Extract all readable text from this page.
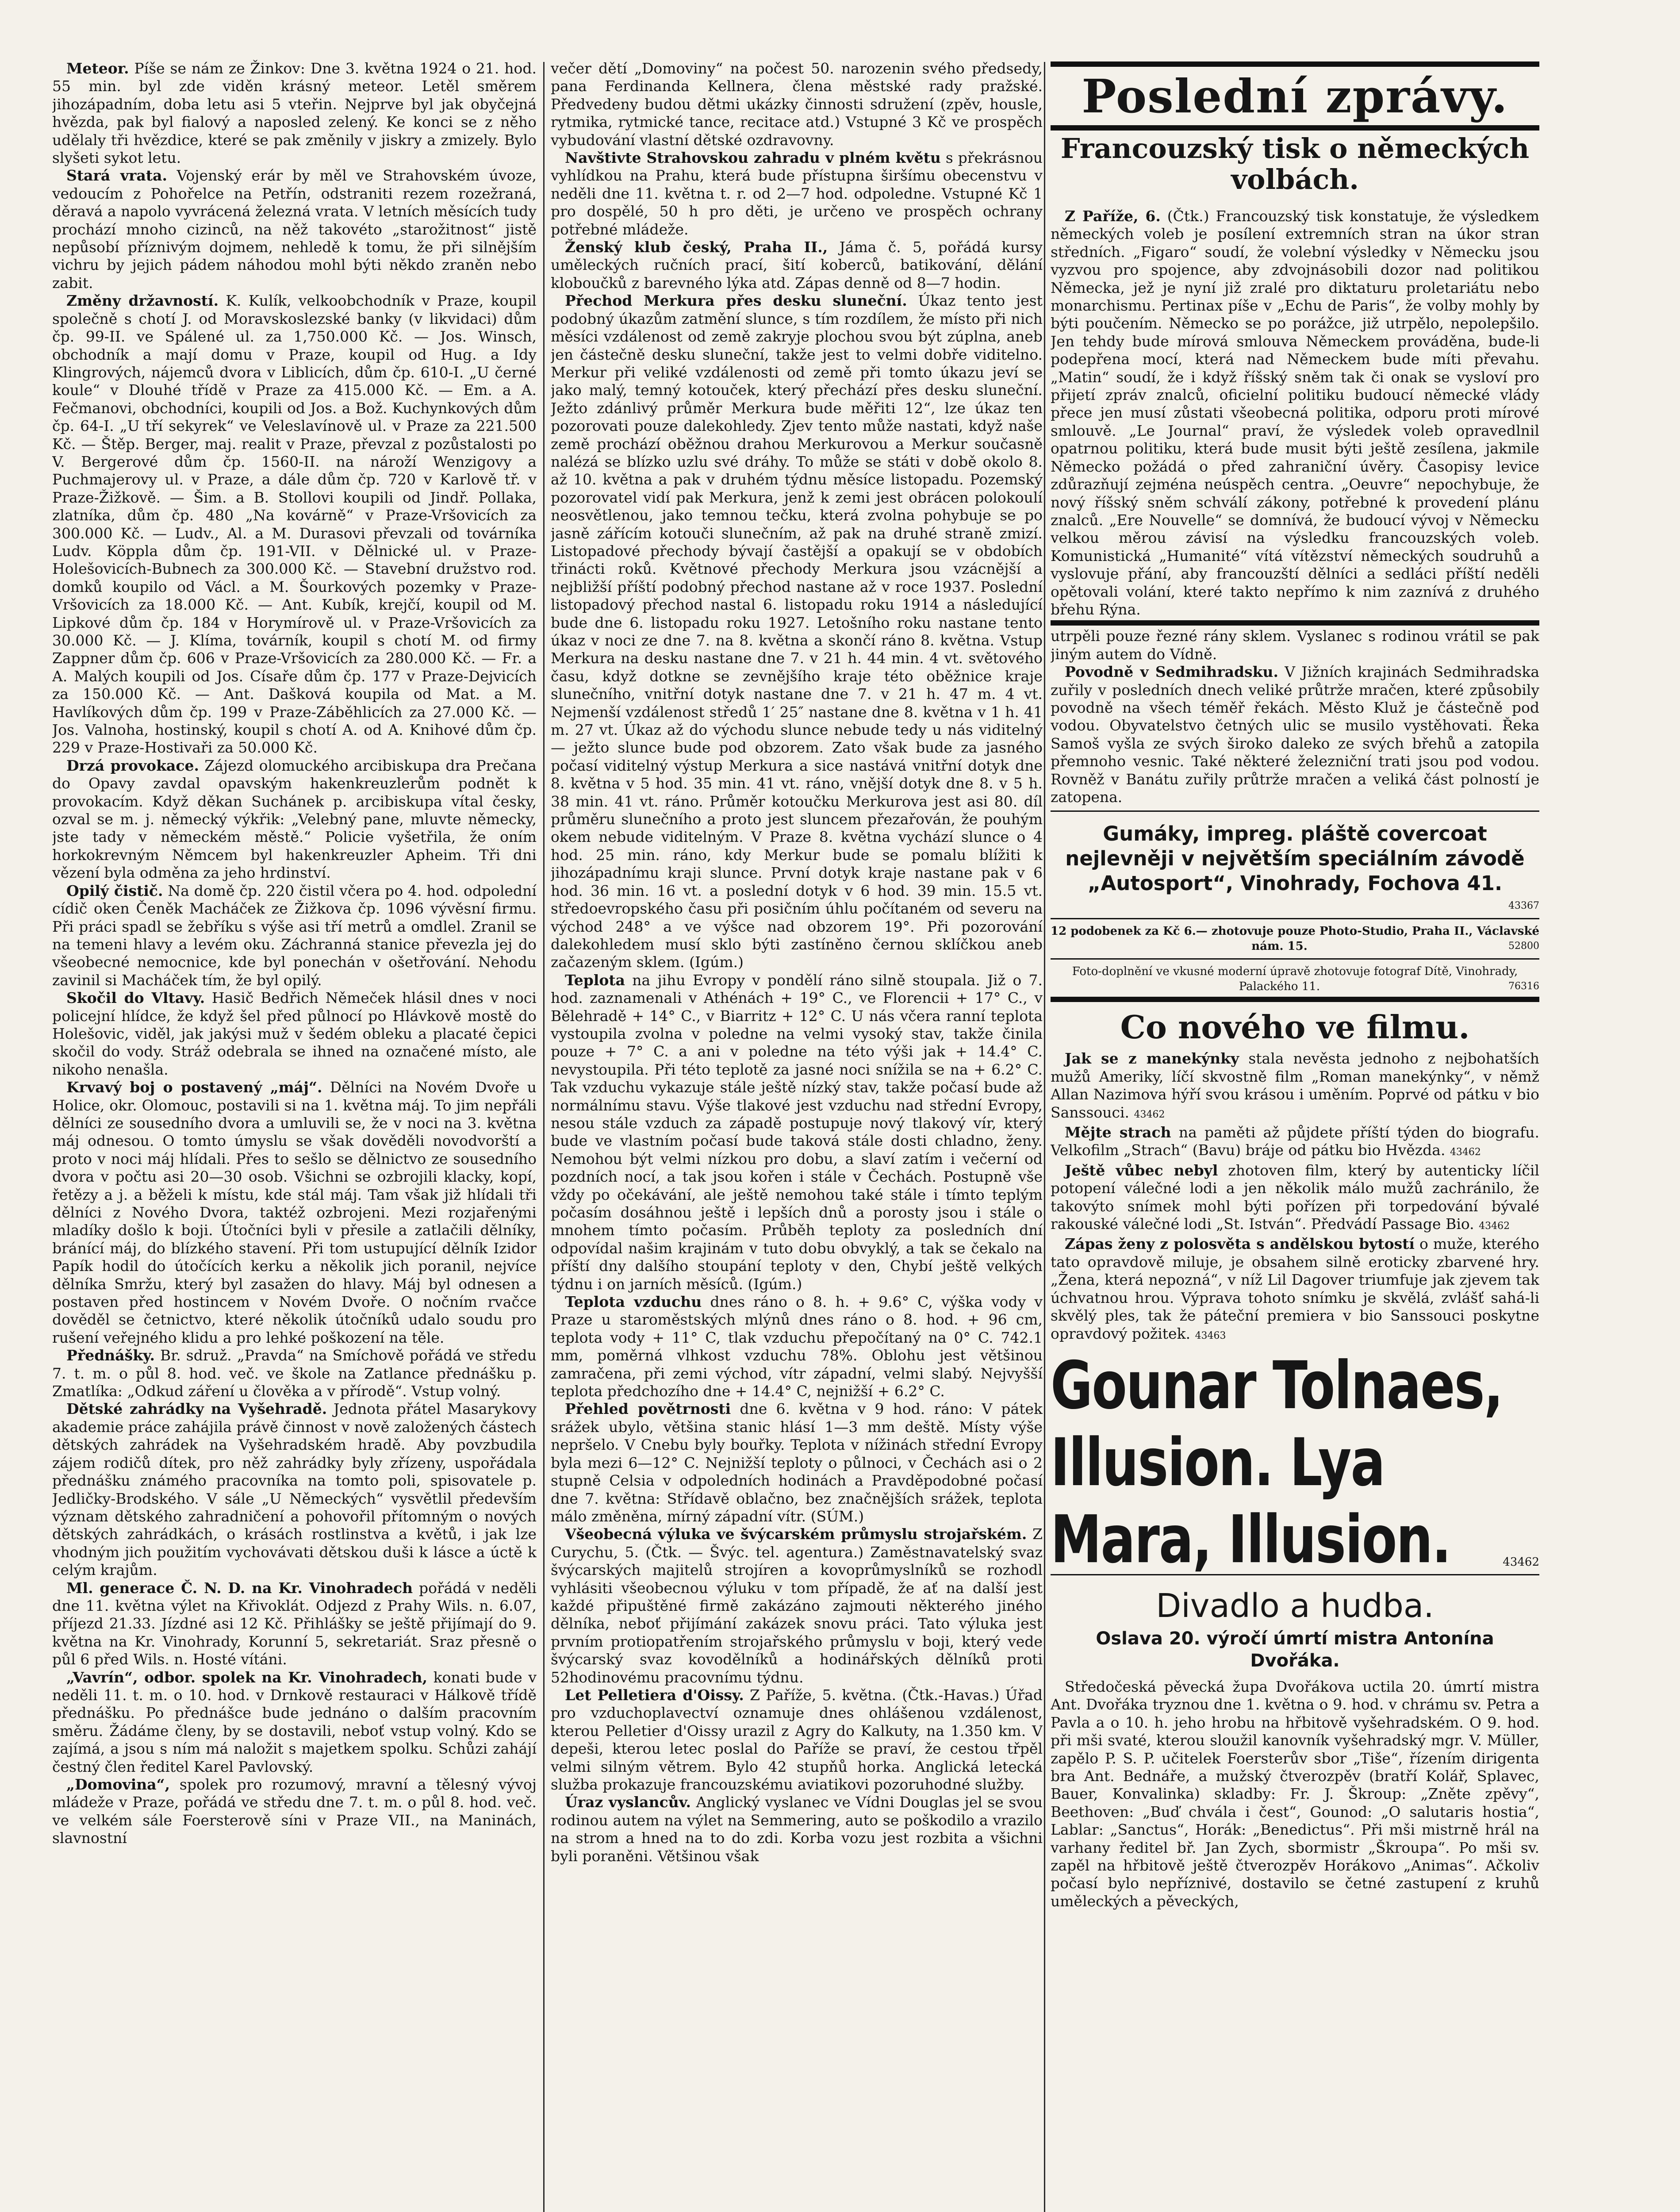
Meteor. Píše se nám ze Žinkov: Dne 3. května 1924 o 21. hod. 55 min. byl zde viděn krásný meteor. Letěl směrem jihozápadním, doba letu asi 5 vteřin. Nejprve byl jak obyčejná hvězda, pak byl fialový a naposled zelený. Ke konci se z něho udělaly tři hvězdice, které se pak změnily v jiskry a zmizely. Bylo slyšeti sykot letu.

Stará vrata. Vojenský erár by měl ve Strahovském úvoze, vedoucím z Pohořelce na Petřín, odstraniti rezem rozežraná, děravá a napolo vyvrácená železná vrata. V letních měsících tudy prochází mnoho cizinců, na něž takovéto „starožitnost“ jistě nepůsobí příznivým dojmem, nehledě k tomu, že při silnějším vichru by jejich pádem náhodou mohl býti někdo zraněn nebo zabit.

Změny državností. K. Kulík, velkoobchodník v Praze, koupil společně s chotí J. od Moravskoslezské banky (v likvidaci) dům čp. 99-II. ve Spálené ul. za 1,750.000 Kč. — Jos. Winsch, obchodník a mají domu v Praze, koupil od Hug. a Idy Klingrových, nájemců dvora v Liblicích, dům čp. 610-I. „U černé koule“ v Dlouhé třídě v Praze za 415.000 Kč. — Em. a A. Fečmanovi, obchodníci, koupili od Jos. a Bož. Kuchynkových dům čp. 64-I. „U tří sekyrek“ ve Veleslavínově ul. v Praze za 221.500 Kč. — Štěp. Berger, maj. realit v Praze, převzal z pozůstalosti po V. Bergerové dům čp. 1560-II. na nároží Wenzigovy a Puchmajerovy ul. v Praze, a dále dům čp. 720 v Karlově tř. v Praze-Žižkově. — Šim. a B. Stollovi koupili od Jindř. Pollaka, zlatníka, dům čp. 480 „Na kovárně“ v Praze-Vršovicích za 300.000 Kč. — Ludv., Al. a M. Durasovi převzali od továrníka Ludv. Köppla dům čp. 191-VII. v Dělnické ul. v Praze-Holešovicích-Bubnech za 300.000 Kč. — Stavební družstvo rod. domků koupilo od Václ. a M. Šourkových pozemky v Praze-Vršovicích za 18.000 Kč. — Ant. Kubík, krejčí, koupil od M. Lipkové dům čp. 184 v Horymírově ul. v Praze-Vršovicích za 30.000 Kč. — J. Klíma, továrník, koupil s chotí M. od firmy Zappner dům čp. 606 v Praze-Vršovicích za 280.000 Kč. — Fr. a A. Malých koupili od Jos. Císaře dům čp. 177 v Praze-Dejvicích za 150.000 Kč. — Ant. Dašková koupila od Mat. a M. Havlíkových dům čp. 199 v Praze-Záběhlicích za 27.000 Kč. — Jos. Valnoha, hostinský, koupil s chotí A. od A. Knihové dům čp. 229 v Praze-Hostivaři za 50.000 Kč.

Drzá provokace. Zájezd olomuckého arcibiskupa dra Prečana do Opavy zavdal opavským hakenkreuzlerům podnět k provokacím. Když děkan Suchánek p. arcibiskupa vítal česky, ozval se m. j. německý výkřik: „Velebný pane, mluvte německy, jste tady v německém městě.“ Policie vyšetřila, že oním horkokrevným Němcem byl hakenkreuzler Apheim. Tři dni vězení byla odměna za jeho hrdinství.

Opilý čistič. Na domě čp. 220 čistil včera po 4. hod. odpolední cídič oken Čeněk Macháček ze Žižkova čp. 1096 vývěsní firmu. Při práci spadl se žebříku s výše asi tří metrů a omdlel. Zranil se na temeni hlavy a levém oku. Záchranná stanice převezla jej do všeobecné nemocnice, kde byl ponechán v ošetřování. Nehodu zavinil si Macháček tím, že byl opilý.

Skočil do Vltavy. Hasič Bedřich Němeček hlásil dnes v noci policejní hlídce, že když šel před půlnocí po Hlávkově mostě do Holešovic, viděl, jak jakýsi muž v šedém obleku a placaté čepici skočil do vody. Stráž odebrala se ihned na označené místo, ale nikoho nenašla.

Krvavý boj o postavený „máj“. Dělníci na Novém Dvoře u Holice, okr. Olomouc, postavili si na 1. května máj. To jim nepřáli dělníci ze sousedního dvora a umluvili se, že v noci na 3. května máj odnesou. O tomto úmyslu se však dověděli novodvorští a proto v noci máj hlídali. Přes to sešlo se dělnictvo ze sousedního dvora v počtu asi 20—30 osob. Všichni se ozbrojili klacky, kopí, řetězy a j. a běželi k místu, kde stál máj. Tam však již hlídali tři dělníci z Nového Dvora, taktéž ozbrojeni. Mezi rozjařenými mladíky došlo k boji. Útočníci byli v přesile a zatlačili dělníky, bránící máj, do blízkého stavení. Při tom ustupující dělník Izidor Papík hodil do útočících kerku a několik jich poranil, nejvíce dělníka Smržu, který byl zasažen do hlavy. Máj byl odnesen a postaven před hostincem v Novém Dvoře. O nočním rvačce dověděl se četnictvo, které několik útočníků udalo soudu pro rušení veřejného klidu a pro lehké poškození na těle.

Přednášky. Br. sdruž. „Pravda“ na Smíchově pořádá ve středu 7. t. m. o půl 8. hod. več. ve škole na Zatlance přednášku p. Zmatlíka: „Odkud záření u člověka a v přírodě“. Vstup volný.

Dětské zahrádky na Vyšehradě. Jednota přátel Masarykovy akademie práce zahájila právě činnost v nově založených částech dětských zahrádek na Vyšehradském hradě. Aby povzbudila zájem rodičů dítek, pro něž zahrádky byly zřízeny, uspořádala přednášku známého pracovníka na tomto poli, spisovatele p. Jedličky-Brodského. V sále „U Německých“ vysvětlil především význam dětského zahradničení a pohovořil přítomným o nových dětských zahrádkách, o krásách rostlinstva a květů, i jak lze vhodným jich použitím vychovávati dětskou duši k lásce a úctě k celým krajům.

Ml. generace Č. N. D. na Kr. Vinohradech pořádá v neděli dne 11. května výlet na Křivoklát. Odjezd z Prahy Wils. n. 6.07, příjezd 21.33. Jízdné asi 12 Kč. Přihlášky se ještě přijímají do 9. května na Kr. Vinohrady, Korunní 5, sekretariát. Sraz přesně o půl 6 před Wils. n. Hosté vítáni.

„Vavrín“, odbor. spolek na Kr. Vinohradech, konati bude v neděli 11. t. m. o 10. hod. v Drnkově restauraci v Hálkově třídě přednášku. Po přednášce bude jednáno o dalším pracovním směru. Žádáme členy, by se dostavili, neboť vstup volný. Kdo se zajímá, a jsou s ním má naložit s majetkem spolku. Schůzi zahájí čestný člen ředitel Karel Pavlovský.

„Domovina“, spolek pro rozumový, mravní a tělesný vývoj mládeže v Praze, pořádá ve středu dne 7. t. m. o půl 8. hod. več. ve velkém sále Foersterově síni v Praze VII., na Maninách, slavnostní

večer dětí „Domoviny“ na počest 50. narozenin svého předsedy, pana Ferdinanda Kellnera, člena městské rady pražské. Předvedeny budou dětmi ukázky činnosti sdružení (zpěv, housle, rytmika, rytmické tance, recitace atd.) Vstupné 3 Kč ve prospěch vybudování vlastní dětské ozdravovny.

Navštivte Strahovskou zahradu v plném květu s překrásnou vyhlídkou na Prahu, která bude přístupna širšímu obecenstvu v neděli dne 11. května t. r. od 2—7 hod. odpoledne. Vstupné Kč 1 pro dospělé, 50 h pro děti, je určeno ve prospěch ochrany potřebné mládeže.

Ženský klub český, Praha II., Jáma č. 5, pořádá kursy uměleckých ručních prací, šití koberců, batikování, dělání kloboučků z barevného lýka atd. Zápas denně od 8—7 hodin.

Přechod Merkura přes desku sluneční. Úkaz tento jest podobný úkazům zatmění slunce, s tím rozdílem, že místo při nich měsíci vzdálenost od země zakryje plochou svou být zúplna, aneb jen částečně desku sluneční, takže jest to velmi dobře viditelno. Merkur při veliké vzdálenosti od země při tomto úkazu jeví se jako malý, temný kotouček, který přechází přes desku sluneční. Ježto zdánlivý průměr Merkura bude měřiti 12“, lze úkaz ten pozorovati pouze dalekohledy. Zjev tento může nastati, když naše země prochází oběžnou drahou Merkurovou a Merkur současně nalézá se blízko uzlu své dráhy. To může se státi v době okolo 8. až 10. května a pak v druhém týdnu měsíce listopadu. Pozemský pozorovatel vidí pak Merkura, jenž k zemi jest obrácen polokoulí neosvětlenou, jako temnou tečku, která zvolna pohybuje se po jasně zářícím kotouči slunečním, až pak na druhé straně zmizí. Listopadové přechody bývají častější a opakují se v obdobích třinácti roků. Květnové přechody Merkura jsou vzácnější a nejbližší příští podobný přechod nastane až v roce 1937. Poslední listopadový přechod nastal 6. listopadu roku 1914 a následující bude dne 6. listopadu roku 1927. Letošního roku nastane tento úkaz v noci ze dne 7. na 8. května a skončí ráno 8. května. Vstup Merkura na desku nastane dne 7. v 21 h. 44 min. 4 vt. světového času, když dotkne se zevnějšího kraje této oběžnice kraje slunečního, vnitřní dotyk nastane dne 7. v 21 h. 47 m. 4 vt. Nejmenší vzdálenost středů 1′ 25″ nastane dne 8. května v 1 h. 41 m. 27 vt. Úkaz až do východu slunce nebude tedy u nás viditelný — ježto slunce bude pod obzorem. Zato však bude za jasného počasí viditelný výstup Merkura a sice nastává vnitřní dotyk dne 8. května v 5 hod. 35 min. 41 vt. ráno, vnější dotyk dne 8. v 5 h. 38 min. 41 vt. ráno. Průměr kotoučku Merkurova jest asi 80. díl průměru slunečního a proto jest sluncem přezařován, že pouhým okem nebude viditelným. V Praze 8. května vychází slunce o 4 hod. 25 min. ráno, kdy Merkur bude se pomalu blížiti k jihozápadnímu kraji slunce. První dotyk kraje nastane pak v 6 hod. 36 min. 16 vt. a poslední dotyk v 6 hod. 39 min. 15.5 vt. středoevropského času při posičním úhlu počítaném od severu na východ 248° a ve výšce nad obzorem 19°. Při pozorování dalekohledem musí sklo býti zastíněno černou sklíčkou aneb začazeným sklem. (Igúm.)

Teplota na jihu Evropy v pondělí ráno silně stoupala. Již o 7. hod. zaznamenali v Athénách + 19° C., ve Florencii + 17° C., v Bělehradě + 14° C., v Biarritz + 12° C. U nás včera ranní teplota vystoupila zvolna v poledne na velmi vysoký stav, takže činila pouze + 7° C. a ani v poledne na této výši jak + 14.4° C. nevystoupila. Při této teplotě za jasné noci snížila se na + 6.2° C. Tak vzduchu vykazuje stále ještě nízký stav, takže počasí bude až normálnímu stavu. Výše tlakové jest vzduchu nad střední Evropy, nesou stále vzduch za západě postupuje nový tlakový vír, který bude ve vlastním počasí bude taková stále dosti chladno, ženy. Nemohou být velmi nízkou pro dobu, a slaví zatím i večerní od pozdních nocí, a tak jsou kořen i stále v Čechách. Postupně vše vždy po očekávání, ale ještě nemohou také stále i tímto teplým počasím dosáhnou ještě i lepších dnů a porosty jsou i stále o mnohem tímto počasím. Průběh teploty za posledních dní odpovídal našim krajinám v tuto dobu obvyklý, a tak se čekalo na příští dny dalšího stoupání teploty v den, Chybí ještě velkých týdnu i on jarních měsíců. (Igúm.)

Teplota vzduchu dnes ráno o 8. h. + 9.6° C, výška vody v Praze u staroměstských mlýnů dnes ráno o 8. hod. + 96 cm, teplota vody + 11° C, tlak vzduchu přepočítaný na 0° C. 742.1 mm, poměrná vlhkost vzduchu 78%. Oblohu jest většinou zamračena, při zemi východ, vítr západní, velmi slabý. Nejvyšší teplota předchozího dne + 14.4° C, nejnižší + 6.2° C.

Přehled povětrnosti dne 6. května v 9 hod. ráno: V pátek srážek ubylo, většina stanic hlásí 1—3 mm deště. Místy výše nepršelo. V Cnebu byly bouřky. Teplota v nížinách střední Evropy byla mezi 6—12° C. Nejnižší teploty o půlnoci, v Čechách asi o 2 stupně Celsia v odpoledních hodinách a Pravděpodobné počasí dne 7. května: Střídavě oblačno, bez značnějších srážek, teplota málo změněna, mírný západní vítr. (SÚM.)

Všeobecná výluka ve švýcarském průmyslu strojařském. Z Curychu, 5. (Čtk. — Švýc. tel. agentura.) Zaměstnavatelský svaz švýcarských majitelů strojíren a kovoprůmyslníků se rozhodl vyhlásiti všeobecnou výluku v tom případě, že ať na další jest každé připuštěné firmě zakázáno zajmouti některého jiného dělníka, neboť přijímání zakázek snovu práci. Tato výluka jest prvním protiopatřením strojařského průmyslu v boji, který vede švýcarský svaz kovodělníků a hodinářských dělníků proti 52hodinovému pracovnímu týdnu.

Let Pelletiera d'Oissy. Z Paříže, 5. května. (Čtk.-Havas.) Úřad pro vzduchoplavectví oznamuje dnes ohlášenou vzdálenost, kterou Pelletier d'Oissy urazil z Agry do Kalkuty, na 1.350 km. V depeši, kterou letec poslal do Paříže se praví, že cestou třpěl velmi silným větrem. Bylo 42 stupňů horka. Anglická letecká služba prokazuje francouzskému aviatikovi pozoruhodné služby.

Úraz vyslancův. Anglický vyslanec ve Vídni Douglas jel se svou rodinou autem na výlet na Semmering, auto se poškodilo a vrazilo na strom a hned na to do zdi. Korba vozu jest rozbita a všichni byli poraněni. Většinou však

Poslední zprávy.
Francouzský tisk o německých volbách.

Z Paříže, 6. (Čtk.) Francouzský tisk konstatuje, že výsledkem německých voleb je posílení extremních stran na úkor stran středních. „Figaro“ soudí, že volební výsledky v Německu jsou vyzvou pro spojence, aby zdvojnásobili dozor nad politikou Německa, jež je nyní již zralé pro diktaturu proletariátu nebo monarchismu. Pertinax píše v „Echu de Paris“, že volby mohly by býti poučením. Německo se po porážce, již utrpělo, nepolepšilo. Jen tehdy bude mírová smlouva Německem prováděna, bude-li podepřena mocí, která nad Německem bude míti převahu. „Matin“ soudí, že i když říšský sněm tak či onak se vysloví pro přijetí zpráv znalců, oficielní politiku budoucí německé vlády přece jen musí zůstati všeobecná politika, odporu proti mírové smlouvě. „Le Journal“ praví, že výsledek voleb opravedlnil opatrnou politiku, která bude musit býti ještě zesílena, jakmile Německo požádá o před zahraniční úvěry. Časopisy levice zdůrazňují zejména neúspěch centra. „Oeuvre“ nepochybuje, že nový říšský sněm schválí zákony, potřebné k provedení plánu znalců. „Ere Nouvelle“ se domnívá, že budoucí vývoj v Německu velkou měrou závisí na výsledku francouzských voleb. Komunistická „Humanité“ vítá vítězství německých soudruhů a vyslovuje přání, aby francouzští dělníci a sedláci příští neděli opětovali volání, které takto nepřímo k nim zaznívá z druhého břehu Rýna.

utrpěli pouze řezné rány sklem. Vyslanec s rodinou vrátil se pak jiným autem do Vídně.

Povodně v Sedmihradsku. V Jižních krajinách Sedmihradska zuřily v posledních dnech veliké průtrže mračen, které způsobily povodně na všech téměř řekách. Město Kluž je částečně pod vodou. Obyvatelstvo četných ulic se musilo vystěhovati. Řeka Samoš vyšla ze svých široko daleko ze svých břehů a zatopila přemnoho vesnic. Také některé železniční trati jsou pod vodou. Rovněž v Banátu zuřily průtrže mračen a veliká část polností je zatopena.

Gumáky, impreg. pláště covercoat nejlevněji v největším speciálním závodě „Autosport“, Vinohrady, Fochova 41.
43367

12 podobenek za Kč 6.— zhotovuje pouze Photo-Studio, Praha II., Václavské nám. 15.	52800
Foto-doplnění ve vkusné moderní úpravě zhotovuje fotograf Dítě, Vinohrady, Palackého 11.	76316
Co nového ve filmu.

Jak se z manekýnky stala nevěsta jednoho z nejbohatších mužů Ameriky, líčí skvostně film „Roman manekýnky“, v němž Allan Nazimova hýří svou krásou i uměním. Poprvé od pátku v bio Sanssouci. 43462

Mějte strach na paměti až půjdete příští týden do biografu. Velkofilm „Strach“ (Bavu) bráje od pátku bio Hvězda. 43462

Ještě vůbec nebyl zhotoven film, který by autenticky líčil potopení válečné lodi a jen několik málo mužů zachránilo, že takovýto snímek mohl býti pořízen při torpedování bývalé rakouské válečné lodi „St. István“. Předvádí Passage Bio. 43462

Zápas ženy z polosvěta s andělskou bytostí o muže, kterého tato opravdově miluje, je obsahem silně eroticky zbarvené hry. „Žena, která nepozná“, v níž Lil Dagover triumfuje jak zjevem tak úchvatnou hrou. Výprava tohoto snímku je skvělá, zvlášť sahá-li skvělý ples, tak že páteční premiera v bio Sanssouci poskytne opravdový požitek. 43463

Gounar Tolnaes, Illusion. Lya Mara, Illusion.	43462
Divadlo a hudba.
Oslava 20. výročí úmrtí mistra Antonína Dvořáka.

Středočeská pěvecká župa Dvořákova uctila 20. úmrtí mistra Ant. Dvořáka tryznou dne 1. května o 9. hod. v chrámu sv. Petra a Pavla a o 10. h. jeho hrobu na hřbitově vyšehradském. O 9. hod. při mši svaté, kterou sloužil kanovník vyšehradský mgr. V. Müller, zapělo P. S. P. učitelek Foersterův sbor „Tiše“, řízením dirigenta bra Ant. Bednáře, a mužský čtverozpěv (bratří Kolář, Splavec, Bauer, Konvalinka) skladby: Fr. J. Škroup: „Zněte zpěvy“, Beethoven: „Buď chvála i čest“, Gounod: „O salutaris hostia“, Lablar: „Sanctus“, Horák: „Benedictus“. Při mši mistrně hrál na varhany ředitel bř. Jan Zych, sbormistr „Škroupa“. Po mši sv. zapěl na hřbitově ještě čtverozpěv Horákovo „Animas“. Ačkoliv počasí bylo nepříznivé, dostavilo se četné zastupení z kruhů uměleckých a pěveckých,
